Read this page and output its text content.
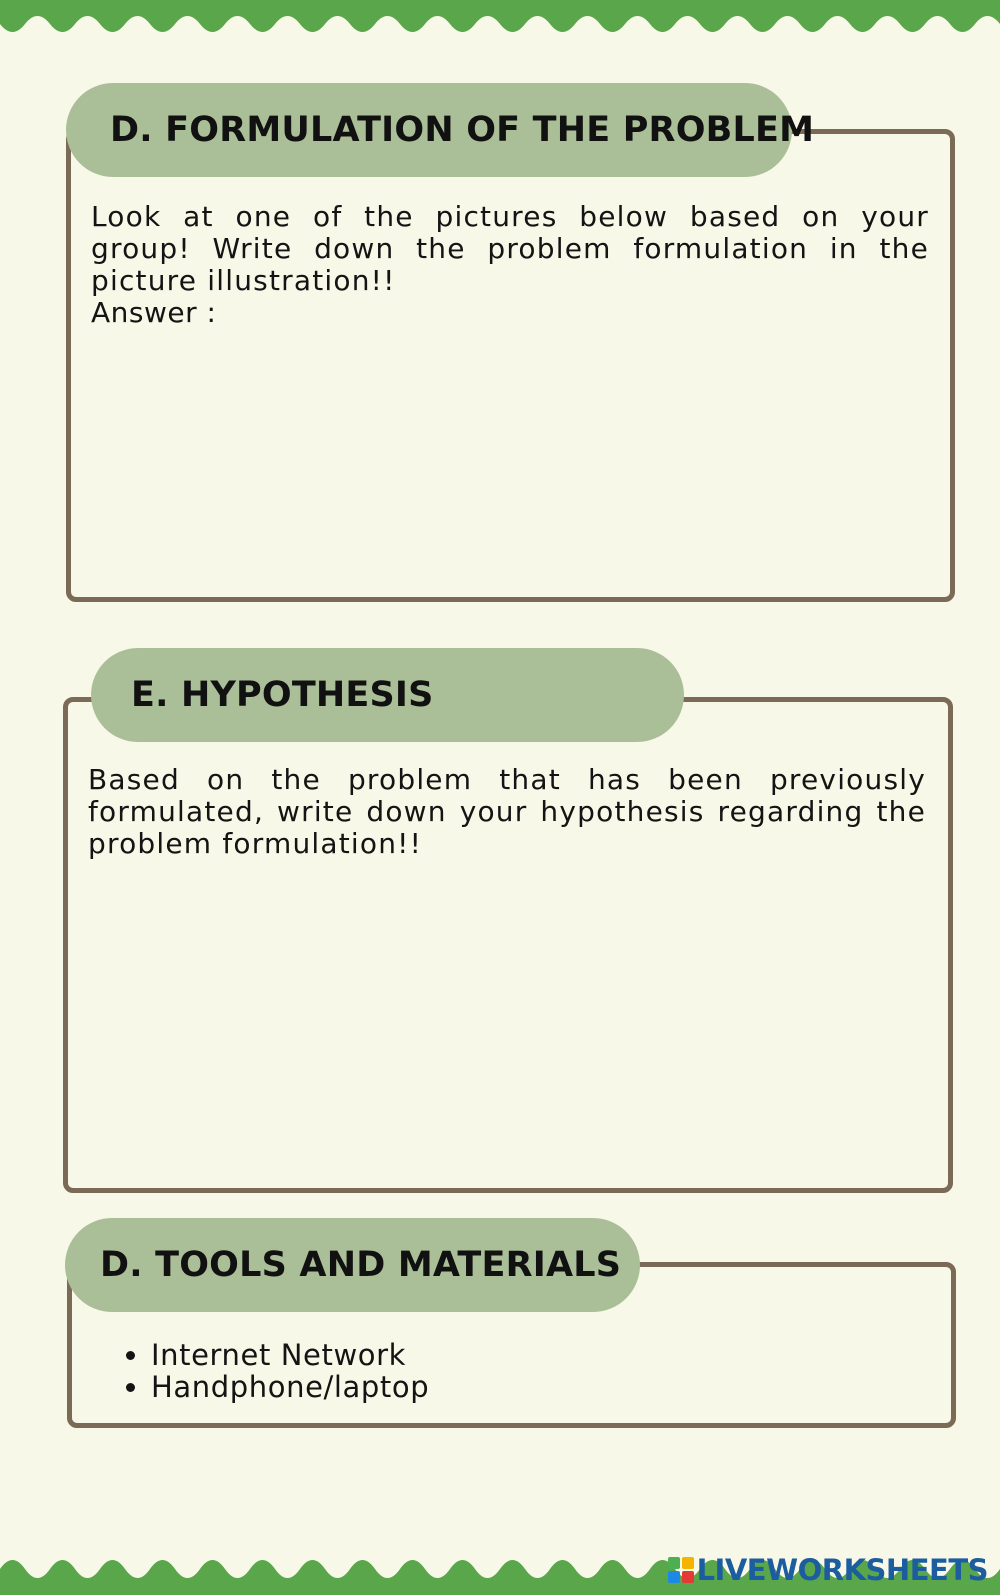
D. FORMULATION OF THE PROBLEM
Look at one of the pictures below based on your group! Write down the problem formulation in the picture illustration!!
Answer :
E. HYPOTHESIS
Based on the problem that has been previously formulated, write down your hypothesis regarding the problem formulation!!
D. TOOLS AND MATERIALS
Internet Network
Handphone/laptop
LIVEWORKSHEETS
